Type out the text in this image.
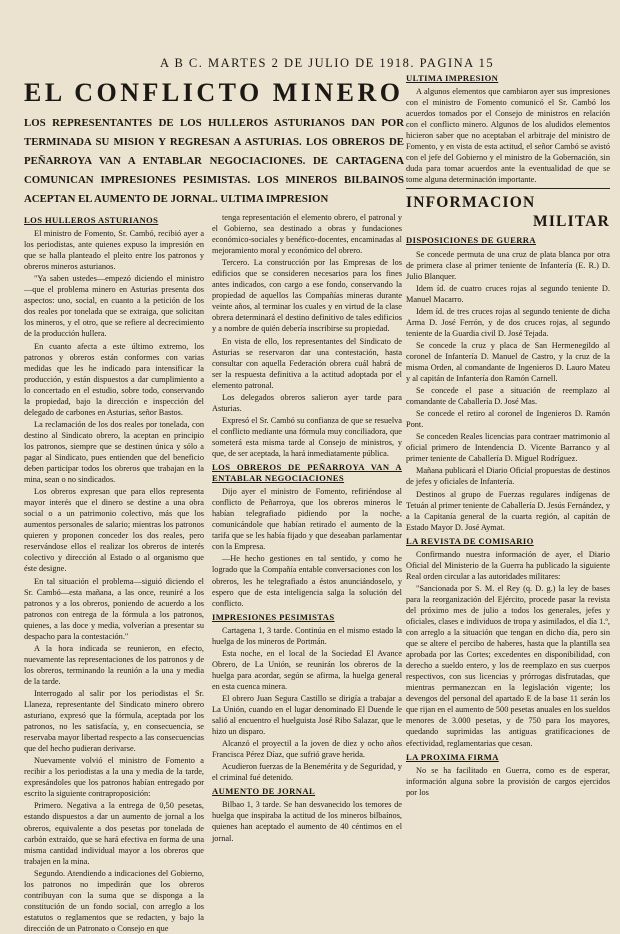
A B C. MARTES 2 DE JULIO DE 1918. PAGINA 15
EL CONFLICTO MINERO
LOS REPRESENTANTES DE LOS HULLEROS ASTURIANOS DAN POR TERMINADA SU MISION Y REGRESAN A ASTURIAS. LOS OBREROS DE PEÑARROYA VAN A ENTABLAR NEGOCIACIONES. DE CARTAGENA COMUNICAN IMPRESIONES PESIMISTAS. LOS MINEROS BILBAINOS ACEPTAN EL AUMENTO DE JORNAL. ULTIMA IMPRESION

LOS HULLEROS ASTURIANOS

El ministro de Fomento, Sr. Cambó, recibió ayer a los periodistas, ante quienes expuso la impresión en que se halla planteado el pleito entre los patronos y obreros mineros asturianos.

"Ya saben ustedes—empezó diciendo el ministro—que el problema minero en Asturias presenta dos aspectos: uno, social, en cuanto a la petición de los dos reales por tonelada que se extraiga, que solicitan los mineros, y el otro, que se refiere al decrecimiento de la producción hullera.

En cuanto afecta a este último extremo, los patronos y obreros están conformes con varias medidas que les he indicado para intensificar la producción, y están dispuestos a dar cumplimiento a lo concertado en el estudio, sobre todo, conservando la propiedad, bajo la dirección e inspección del delegado de carbones en Asturias, señor Bastos.

La reclamación de los dos reales por tonelada, con destino al Sindicato obrero, la aceptan en principio los patronos, siempre que se destinen única y sólo a pagar al Sindicato, pues entienden que del beneficio deben participar todos los obreros que trabajan en la mina, sean o no sindicados.

Los obreros expresan que para ellos representa mayor interés que el dinero se destine a una obra social o a un patrimonio colectivo, más que los aumentos personales de salario; mientras los patronos quieren y proponen conceder los dos reales, pero reservándose ellos el realizar los obreros de interés colectivo y dirección al Estado o al organismo que éste designe.

En tal situación el problema—siguió diciendo el Sr. Cambó—esta mañana, a las once, reuniré a los patronos y a los obreros, poniendo de acuerdo a los patronos con entrega de la fórmula a los patronos, quienes, a las doce y media, volverían a presentar su despacho para la contestación."

A la hora indicada se reunieron, en efecto, nuevamente las representaciones de los patronos y de los obreros, terminando la reunión a la una y media de la tarde.

Interrogado al salir por los periodistas el Sr. Llaneza, representante del Sindicato minero obrero asturiano, expresó que la fórmula, aceptada por los patronos, no les satisfacía, y, en consecuencia, se reservaba mayor libertad respecto a las consecuencias que del hecho pudieran derivarse.

Nuevamente volvió el ministro de Fomento a recibir a los periodistas a la una y media de la tarde, expresándoles que los patronos habían entregado por escrito la siguiente contraproposición:

Primero. Negativa a la entrega de 0,50 pesetas, estando dispuestos a dar un aumento de jornal a los obreros, equivalente a dos pesetas por tonelada de carbón extraído, que se hará efectiva en forma de una misma cantidad individual mayor a los obreros que trabajen en la mina.

Segundo. Atendiendo a indicaciones del Gobierno, los patronos no impedirán que los obreros contribuyan con la suma que se disponga a la constitución de un fondo social, con arreglo a los estatutos o reglamentos que se redacten, y bajo la dirección de un Patronato o Consejo en que

tenga representación el elemento obrero, el patronal y el Gobierno, sea destinado a obras y fundaciones económico-sociales y benéfico-docentes, encaminadas al mejoramiento moral y económico del obrero.

Tercero. La construcción por las Empresas de los edificios que se consideren necesarios para los fines antes indicados, con cargo a ese fondo, conservando la propiedad de aquellos las Compañías mineras durante veinte años, al terminar los cuales y en virtud de la clase obrera determinará el destino definitivo de tales edificios y a nombre de quién debería inscribirse su propiedad.

En vista de ello, los representantes del Sindicato de Asturias se reservaron dar una contestación, hasta consultar con aquella Federación obrera cuál habrá de ser la respuesta definitiva a la actitud adoptada por el elemento patronal.

Los delegados obreros salieron ayer tarde para Asturias.

Expresó el Sr. Cambó su confianza de que se resuelva el conflicto mediante una fórmula muy conciliadora, que someterá esta misma tarde al Consejo de ministros, y que, de ser aceptada, la hará inmediatamente pública.

LOS OBREROS DE PEÑARROYA VAN A ENTABLAR NEGOCIACIONES

Dijo ayer el ministro de Fomento, refiriéndose al conflicto de Peñarroya, que los obreros mineros le habían telegrafiado pidiendo por la noche, comunicándole que habían retirado el aumento de la tarifa que se les había fijado y que deseaban parlamentar con la Empresa.

—He hecho gestiones en tal sentido, y como he logrado que la Compañía entable conversaciones con los obreros, les he telegrafiado a éstos anunciándoselo, y espero que de esta inteligencia salga la solución del conflicto.

IMPRESIONES PESIMISTAS

Cartagena 1, 3 tarde. Continúa en el mismo estado la huelga de los mineros de Portmán.

Esta noche, en el local de la Sociedad El Avance Obrero, de La Unión, se reunirán los obreros de la huelga para acordar, según se afirma, la huelga general en esta cuenca minera.

El obrero Juan Segura Castillo se dirigía a trabajar a La Unión, cuando en el lugar denominado El Duende le salió al encuentro el huelguista José Ribo Salazar, que le hizo un disparo.

Alcanzó el proyectil a la joven de diez y ocho años Francisca Pérez Díaz, que sufrió grave herida.

Acudieron fuerzas de la Benemérita y de Seguridad, y el criminal fué detenido.

AUMENTO DE JORNAL

Bilbao 1, 3 tarde. Se han desvanecido los temores de huelga que inspiraba la actitud de los mineros bilbaínos, quienes han aceptado el aumento de 40 céntimos en el jornal.

ULTIMA IMPRESION

A algunos elementos que cambiaron ayer sus impresiones con el ministro de Fomento comunicó el Sr. Cambó los acuerdos tomados por el Consejo de ministros en relación con el conflicto minero. Algunos de los aludidos elementos hicieron saber que no aceptaban el arbitraje del ministro de Fomento, y en vista de esta actitud, el señor Cambó se avistó con el jefe del Gobierno y el ministro de la Gobernación, sin duda para tomar acuerdos ante la eventualidad de que se tome alguna determinación importante.

INFORMACION
MILITAR

DISPOSICIONES DE GUERRA

Se concede permuta de una cruz de plata blanca por otra de primera clase al primer teniente de Infantería (E. R.) D. Julio Blanquer.

Idem íd. de cuatro cruces rojas al segundo teniente D. Manuel Macarro.

Idem íd. de tres cruces rojas al segundo teniente de dicha Arma D. José Ferrón, y de dos cruces rojas, al segundo teniente de la Guardia civil D. José Tejada.

Se concede la cruz y placa de San Hermenegildo al coronel de Infantería D. Manuel de Castro, y la cruz de la misma Orden, al comandante de Ingenieros D. Lauro Mateu y al capitán de Infantería don Ramón Carnell.

Se concede el pase a situación de reemplazo al comandante de Caballería D. José Mas.

Se concede el retiro al coronel de Ingenieros D. Ramón Pont.

Se conceden Reales licencias para contraer matrimonio al oficial primero de Intendencia D. Vicente Barranco y al primer teniente de Caballería D. Miguel Rodríguez.

Mañana publicará el Diario Oficial propuestas de destinos de jefes y oficiales de Infantería.

Destinos al grupo de Fuerzas regulares indígenas de Tetuán al primer teniente de Caballería D. Jesús Fernández, y a la Capitanía general de la cuarta región, al capitán de Estado Mayor D. José Aymat.

LA REVISTA DE COMISARIO

Confirmando nuestra información de ayer, el Diario Oficial del Ministerio de la Guerra ha publicado la siguiente Real orden circular a las autoridades militares:

"Sancionada por S. M. el Rey (q. D. g.) la ley de bases para la reorganización del Ejército, procede pasar la revista del próximo mes de julio a todos los generales, jefes y oficiales, clases e individuos de tropa y asimilados, el día 1.º, con arreglo a la situación que tengan en dicho día, pero sin que se altere el percibo de haberes, hasta que la plantilla sea aprobada por las Cortes; excedentes en disponibilidad, con derecho a sueldo entero, y los de reemplazo en sus cuerpos respectivos, con sus licencias y prórrogas disfrutadas, que mientras permanezcan en la legislación vigente; los devengos del personal del apartado E de la base 11 serán los que rijan en el aumento de 500 pesetas anuales en los sueldos menores de 3.000 pesetas, y de 750 para los mayores, quedando suprimidas las antiguas gratificaciones de efectividad, reglamentarias que cesan.

LA PROXIMA FIRMA

No se ha facilitado en Guerra, como es de esperar, información alguna sobre la provisión de cargos ejercidos por los
